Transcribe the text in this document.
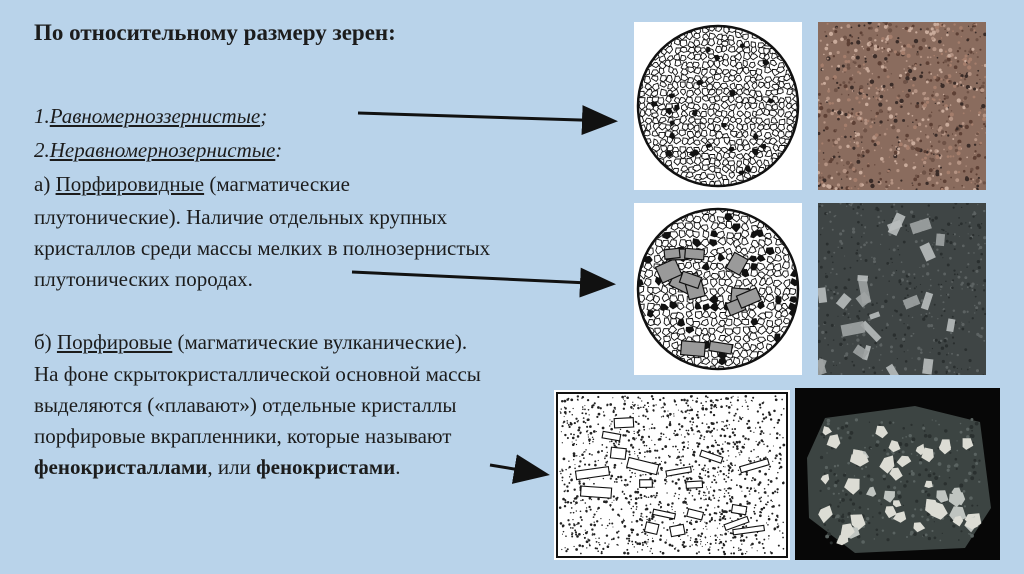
По относительному размеру зерен:
1.Равномерноззернистые;
2.Неравномернозернистые:
а) Порфировидные (магматические
плутонические). Наличие отдельных крупных
кристаллов среди массы мелких в полнозернистых
плутонических породах.
б) Порфировые (магматические вулканические).
На фоне скрытокристаллической основной массы
выделяются («плавают») отдельные кристаллы
порфировые вкрапленники, которые называют
фенокристаллами, или фенокристами.
